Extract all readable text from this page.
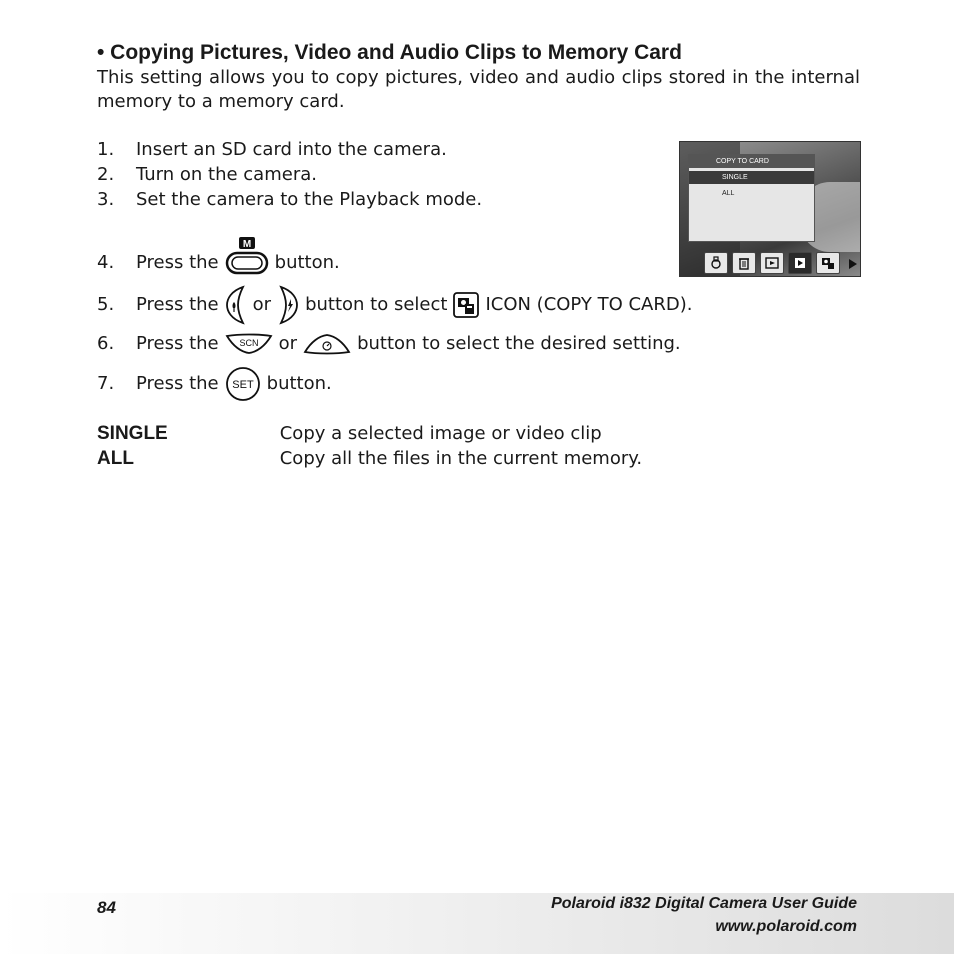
• Copying Pictures, Video and Audio Clips to Memory Card
This setting allows you to copy pictures, video and audio clips stored in the internal memory to a memory card.
1.	Insert an SD card into the camera.
2.	Turn on the camera.
3.	Set the camera to the Playback mode.
4.	Press the
M
button.
5.	Press the or button to select ICON (COPY TO CARD).
6.	Press the SCN or	button to select the desired setting.
7.	Press the SET button.
SINGLE	Copy a selected image or video clip
ALL	Copy all the files in the current memory.
COPY TO CARD
SINGLE
ALL
84	Polaroid i832 Digital Camera User Guide
www.polaroid.com
